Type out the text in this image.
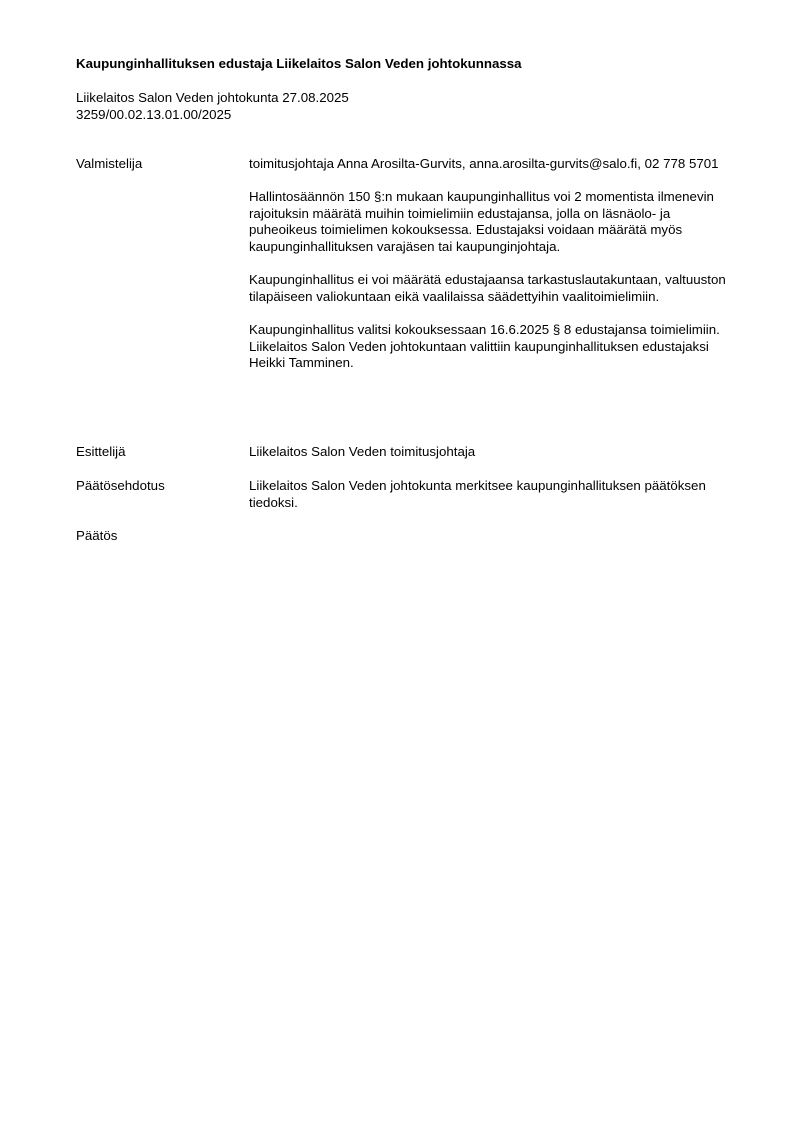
Kaupunginhallituksen edustaja Liikelaitos Salon Veden johtokunnassa
Liikelaitos Salon Veden johtokunta 27.08.2025
3259/00.02.13.01.00/2025
Valmistelija	toimitusjohtaja Anna Arosilta-Gurvits, anna.arosilta-gurvits@salo.fi, 02 778 5701

Hallintosäännön 150 §:n mukaan kaupunginhallitus voi 2 momentista ilmenevin rajoituksin määrätä muihin toimielimiin edustajansa, jolla on läsnäolo- ja puheoikeus toimielimen kokouksessa. Edustajaksi voidaan määrätä myös kaupunginhallituksen varajäsen tai kaupunginjohtaja.

Kaupunginhallitus ei voi määrätä edustajaansa tarkastuslautakuntaan, valtuuston tilapäiseen valiokuntaan eikä vaalilaissa säädettyihin vaalitoimielimiin.

Kaupunginhallitus valitsi kokouksessaan 16.6.2025 § 8 edustajansa toimielimiin. Liikelaitos Salon Veden johtokuntaan valittiin kaupunginhallituksen edustajaksi Heikki Tamminen.

Esittelijä	Liikelaitos Salon Veden toimitusjohtaja
Päätösehdotus	Liikelaitos Salon Veden johtokunta merkitsee kaupunginhallituksen päätöksen tiedoksi.
Päätös
